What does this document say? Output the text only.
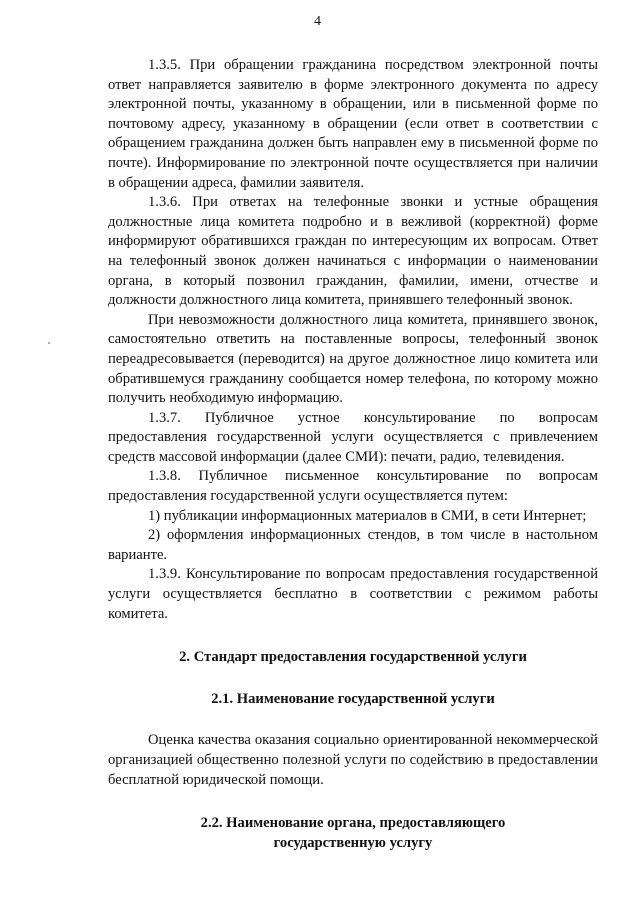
4

1.3.5. При обращении гражданина посредством электронной почты ответ направляется заявителю в форме электронного документа по адресу электронной почты, указанному в обращении, или в письменной форме по почтовому адресу, указанному в обращении (если ответ в соответствии с обращением гражданина должен быть направлен ему в письменной форме по почте). Информирование по электронной почте осуществляется при наличии в обращении адреса, фамилии заявителя.

1.3.6. При ответах на телефонные звонки и устные обращения должностные лица комитета подробно и в вежливой (корректной) форме информируют обратившихся граждан по интересующим их вопросам. Ответ на телефонный звонок должен начинаться с информации о наименовании органа, в который позвонил гражданин, фамилии, имени, отчестве и должности должностного лица комитета, принявшего телефонный звонок.

При невозможности должностного лица комитета, принявшего звонок, самостоятельно ответить на поставленные вопросы, телефонный звонок переадресовывается (переводится) на другое должностное лицо комитета или обратившемуся гражданину сообщается номер телефона, по которому можно получить необходимую информацию.

1.3.7. Публичное устное консультирование по вопросам предоставления государственной услуги осуществляется с привлечением средств массовой информации (далее СМИ): печати, радио, телевидения.

1.3.8. Публичное письменное консультирование по вопросам предоставления государственной услуги осуществляется путем:

1) публикации информационных материалов в СМИ, в сети Интернет;

2) оформления информационных стендов, в том числе в настольном варианте.

1.3.9. Консультирование по вопросам предоставления государственной услуги осуществляется бесплатно в соответствии с режимом работы комитета.

2. Стандарт предоставления государственной услуги
2.1. Наименование государственной услуги

Оценка качества оказания социально ориентированной некоммерческой организацией общественно полезной услуги по содействию в предоставлении бесплатной юридической помощи.

2.2. Наименование органа, предоставляющего
государственную услугу
